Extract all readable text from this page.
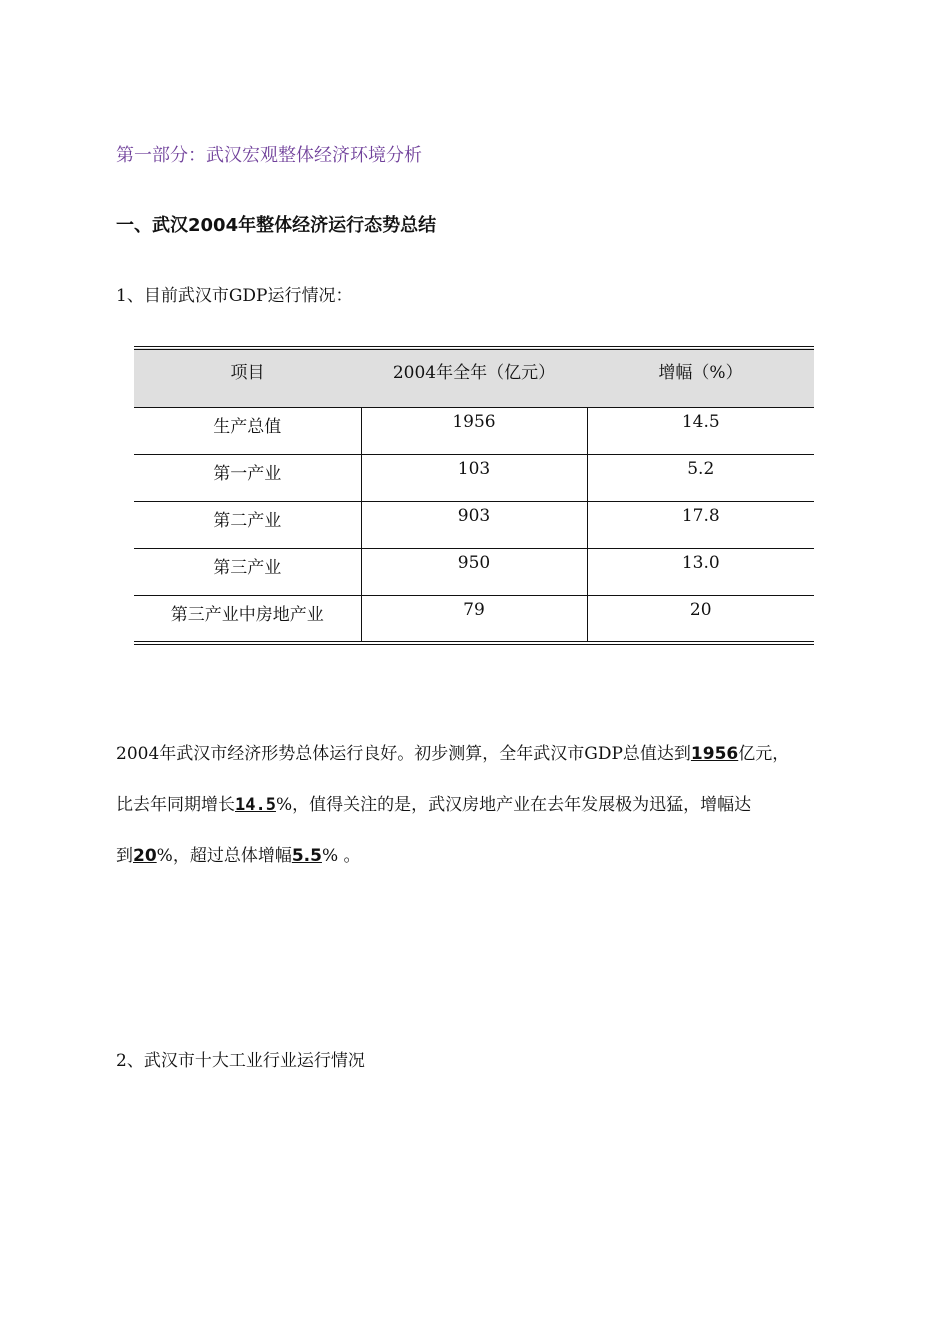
第一部分：武汉宏观整体经济环境分析
一、武汉2004年整体经济运行态势总结
1、目前武汉市GDP运行情况：
项目	2004年全年（亿元）	增幅（%）
生产总值	1956	14.5
第一产业	103	5.2
第二产业	903	17.8
第三产业	950	13.0
第三产业中房地产业	79	20
2004年武汉市经济形势总体运行良好。初步测算，全年武汉市GDP总值达到1956亿元，
比去年同期增长14.5%，值得关注的是，武汉房地产业在去年发展极为迅猛，增幅达
到20%，超过总体增幅5.5% 。
2、武汉市十大工业行业运行情况
